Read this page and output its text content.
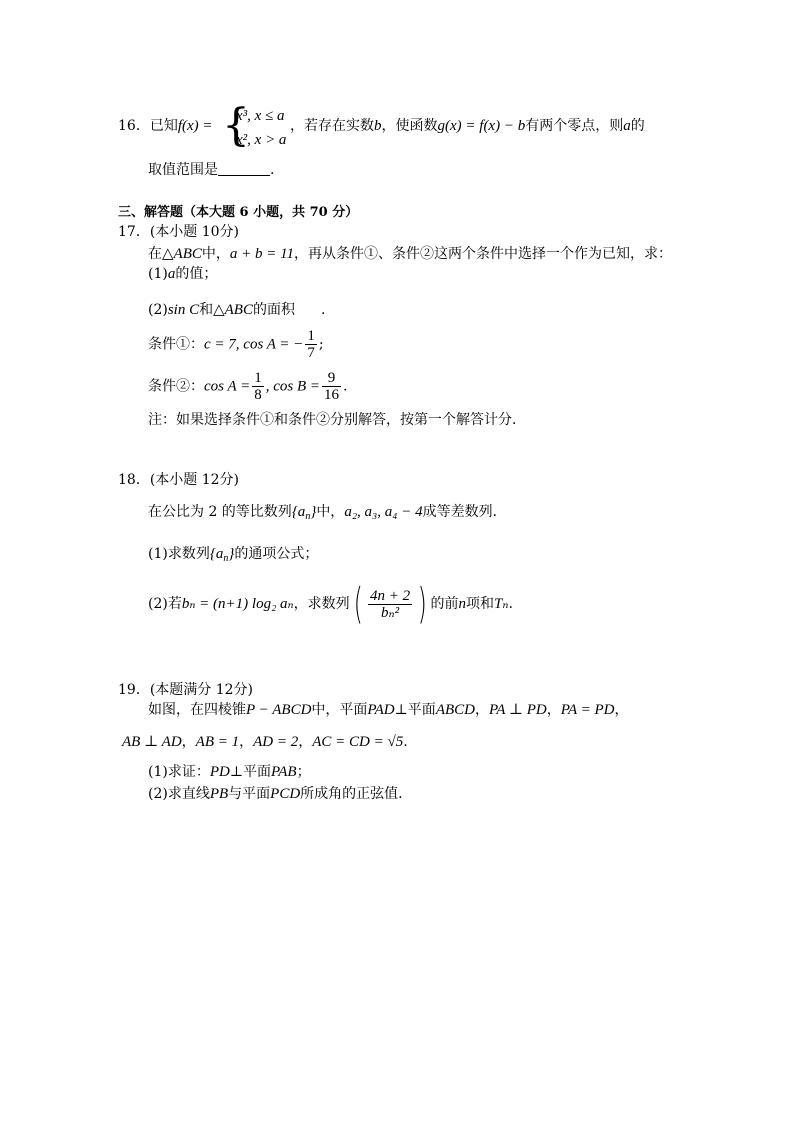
16．已知f(x) = {
x³, x ≤ a
x², x > a
，若存在实数b，使函数g(x) = f(x) − b有两个零点，则a的
取值范围是	.
三、解答题（本大题 6 小题，共 70 分）
17．(本小题 10分)
在△ABC中，a + b = 11，再从条件①、条件②这两个条件中选择一个作为已知，求：
(1)a的值；
(2)sin C和△ABC的面积 .
条件①：c = 7, cos A = − $\frac{1}{7}$ ;
条件②：$\cos A = \frac{1}{8}$ , $\cos B = \frac{9}{16}$ .
注：如果选择条件①和条件②分别解答，按第一个解答计分．
18．(本小题 12分)
在公比为 2 的等比数列$\{a_n\}$中，a₂, a₃, a₄ − 4成等差数列．
(1)求数列$\{a_n\}$的通项公式；
(2)若bₙ = (n+1) log₂ aₙ，求数列( $\frac{4n + 2}{\text{bₙ²}}$ ) 的前n项和Tₙ.
19．(本题满分 12分)
如图，在四棱锥P − ABCD中，平面PAD⊥平面ABCD，PA ⊥ PD，PA = PD，
AB ⊥ AD，AB = 1，AD = 2，AC = CD = √5.
(1)求证：PD⊥平面PAB；
(2)求直线PB与平面PCD所成角的正弦值.
